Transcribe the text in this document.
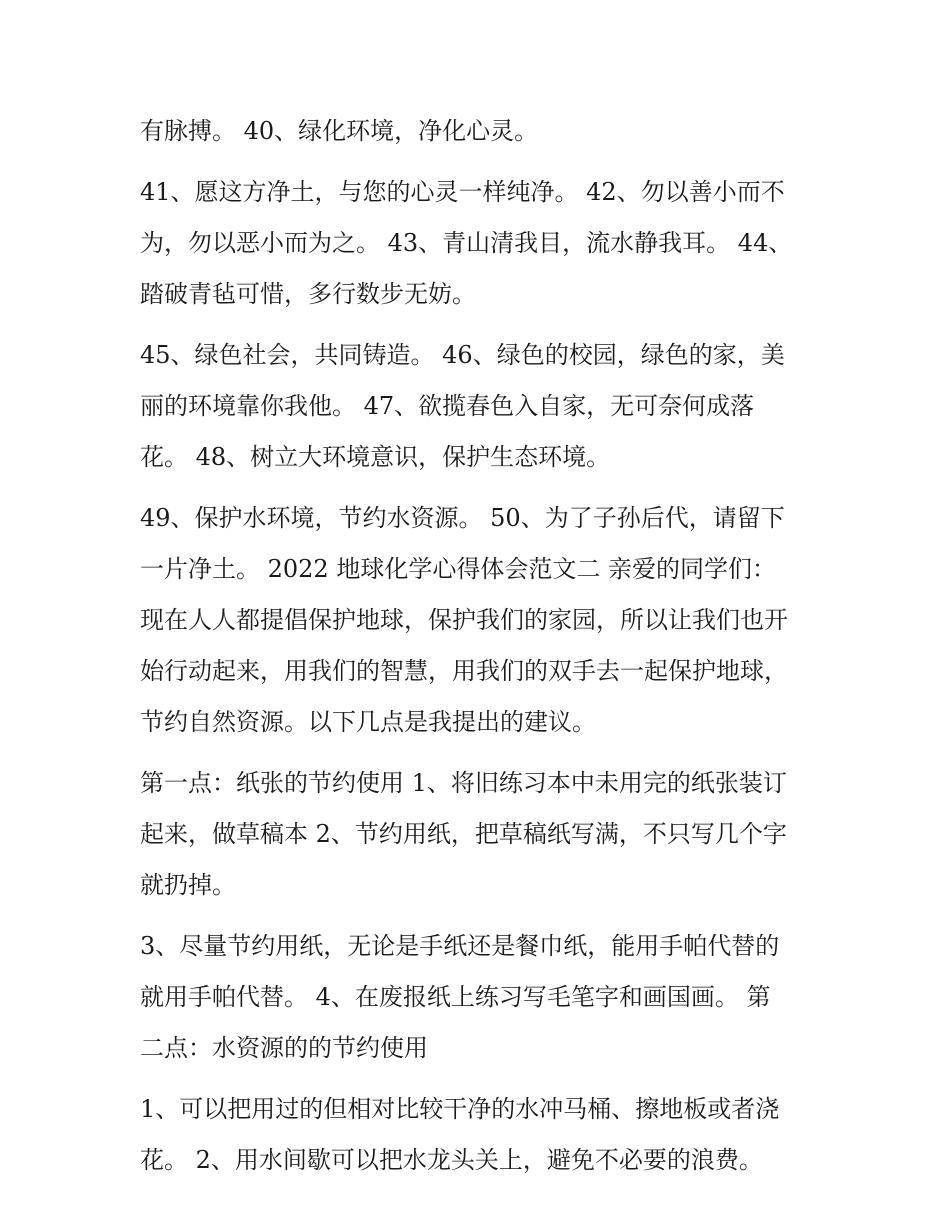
有脉搏。 40、绿化环境，净化心灵。
41、愿这方净土，与您的心灵一样纯净。 42、勿以善小而不
为，勿以恶小而为之。 43、青山清我目，流水静我耳。 44、
踏破青毡可惜，多行数步无妨。
45、绿色社会，共同铸造。 46、绿色的校园，绿色的家，美
丽的环境靠你我他。 47、欲揽春色入自家，无可奈何成落
花。 48、树立大环境意识，保护生态环境。
49、保护水环境，节约水资源。 50、为了子孙后代，请留下
一片净土。 2022 地球化学心得体会范文二 亲爱的同学们：
现在人人都提倡保护地球，保护我们的家园，所以让我们也开
始行动起来，用我们的智慧，用我们的双手去一起保护地球，
节约自然资源。以下几点是我提出的建议。
第一点：纸张的节约使用 1、将旧练习本中未用完的纸张装订
起来，做草稿本 2、节约用纸，把草稿纸写满，不只写几个字
就扔掉。
3、尽量节约用纸，无论是手纸还是餐巾纸，能用手帕代替的
就用手帕代替。 4、在废报纸上练习写毛笔字和画国画。 第
二点：水资源的的节约使用
1、可以把用过的但相对比较干净的水冲马桶、擦地板或者浇
花。 2、用水间歇可以把水龙头关上，避免不必要的浪费。
